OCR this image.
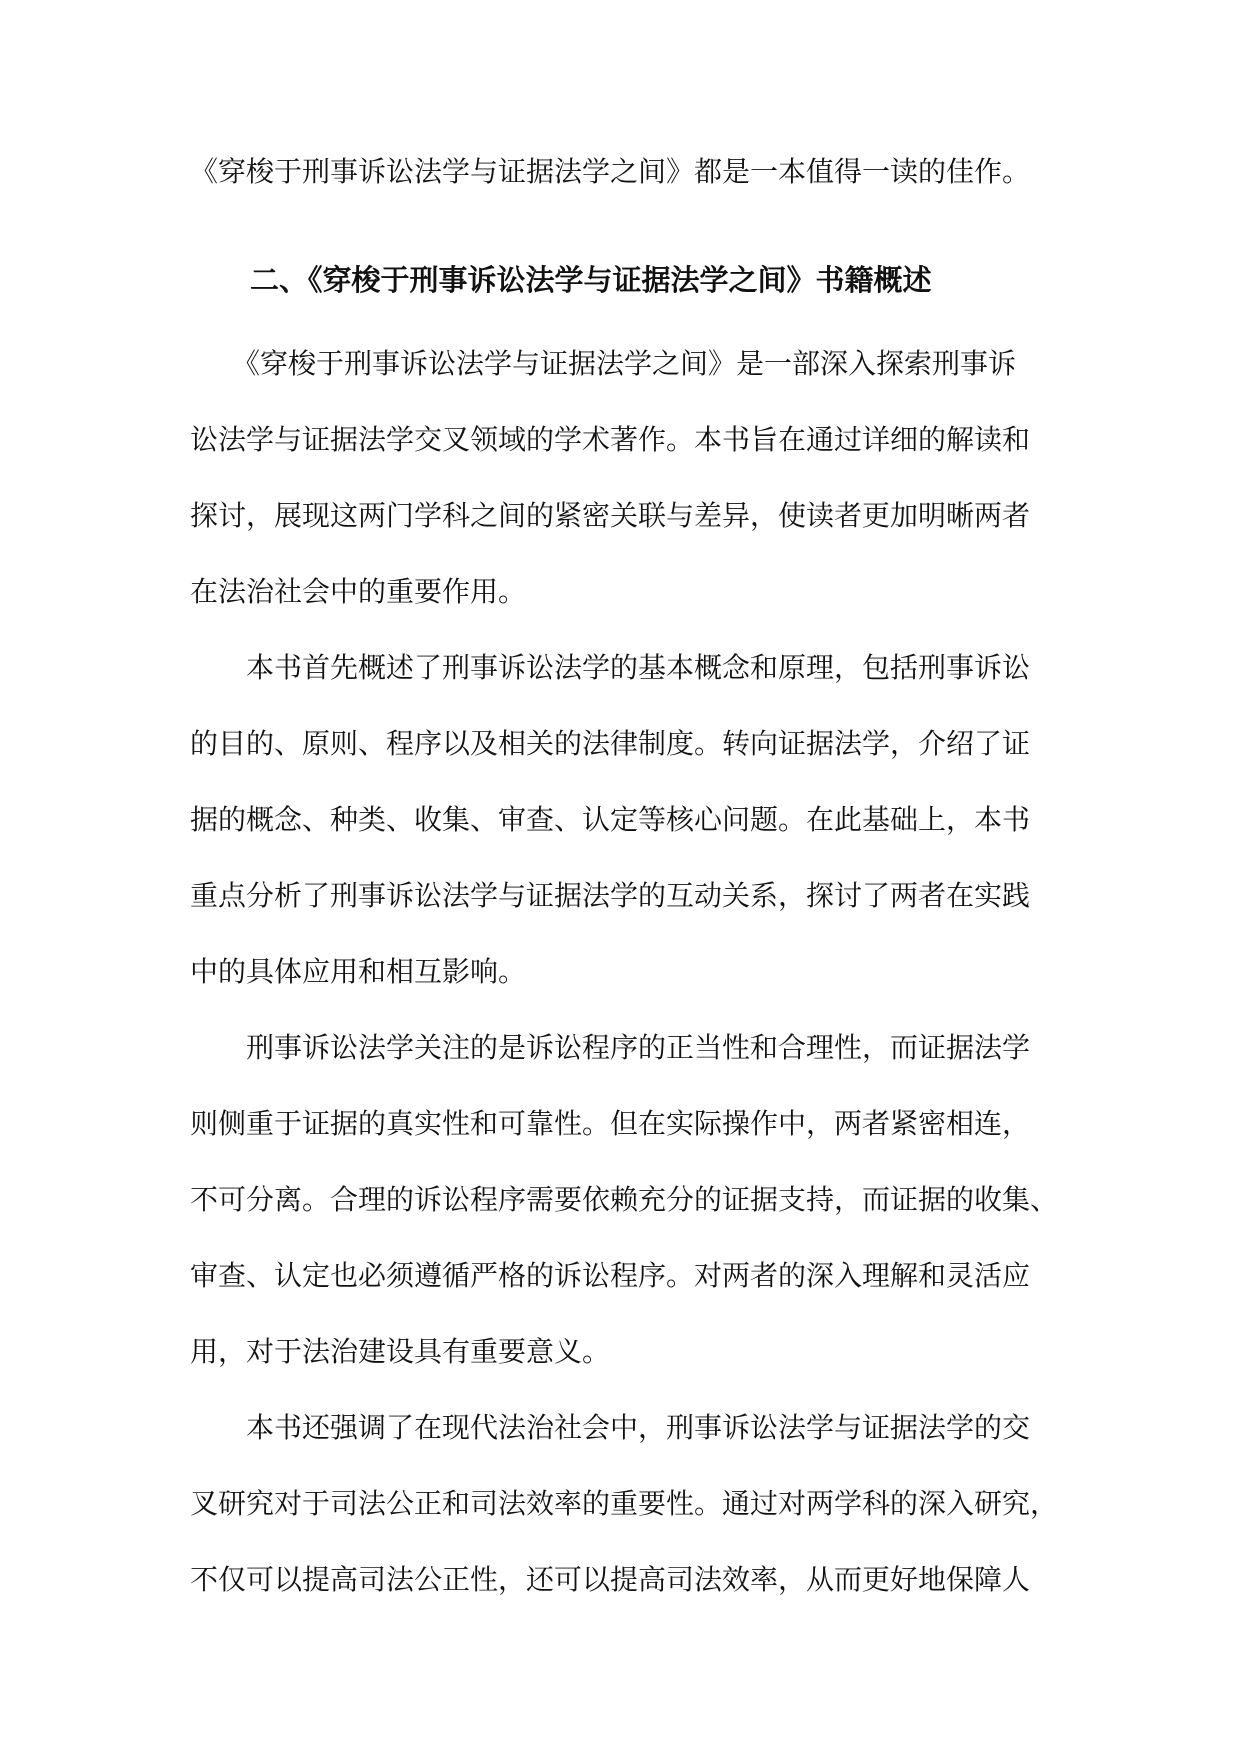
《穿梭于刑事诉讼法学与证据法学之间》都是一本值得一读的佳作。
二、《穿梭于刑事诉讼法学与证据法学之间》书籍概述
　　《穿梭于刑事诉讼法学与证据法学之间》是一部深入探索刑事诉
讼法学与证据法学交叉领域的学术著作。本书旨在通过详细的解读和
探讨，展现这两门学科之间的紧密关联与差异，使读者更加明晰两者
在法治社会中的重要作用。
　　本书首先概述了刑事诉讼法学的基本概念和原理，包括刑事诉讼
的目的、原则、程序以及相关的法律制度。转向证据法学，介绍了证
据的概念、种类、收集、审查、认定等核心问题。在此基础上，本书
重点分析了刑事诉讼法学与证据法学的互动关系，探讨了两者在实践
中的具体应用和相互影响。
　　刑事诉讼法学关注的是诉讼程序的正当性和合理性，而证据法学
则侧重于证据的真实性和可靠性。但在实际操作中，两者紧密相连，
不可分离。合理的诉讼程序需要依赖充分的证据支持，而证据的收集、
审查、认定也必须遵循严格的诉讼程序。对两者的深入理解和灵活应
用，对于法治建设具有重要意义。
　　本书还强调了在现代法治社会中，刑事诉讼法学与证据法学的交
叉研究对于司法公正和司法效率的重要性。通过对两学科的深入研究，
不仅可以提高司法公正性，还可以提高司法效率，从而更好地保障人
